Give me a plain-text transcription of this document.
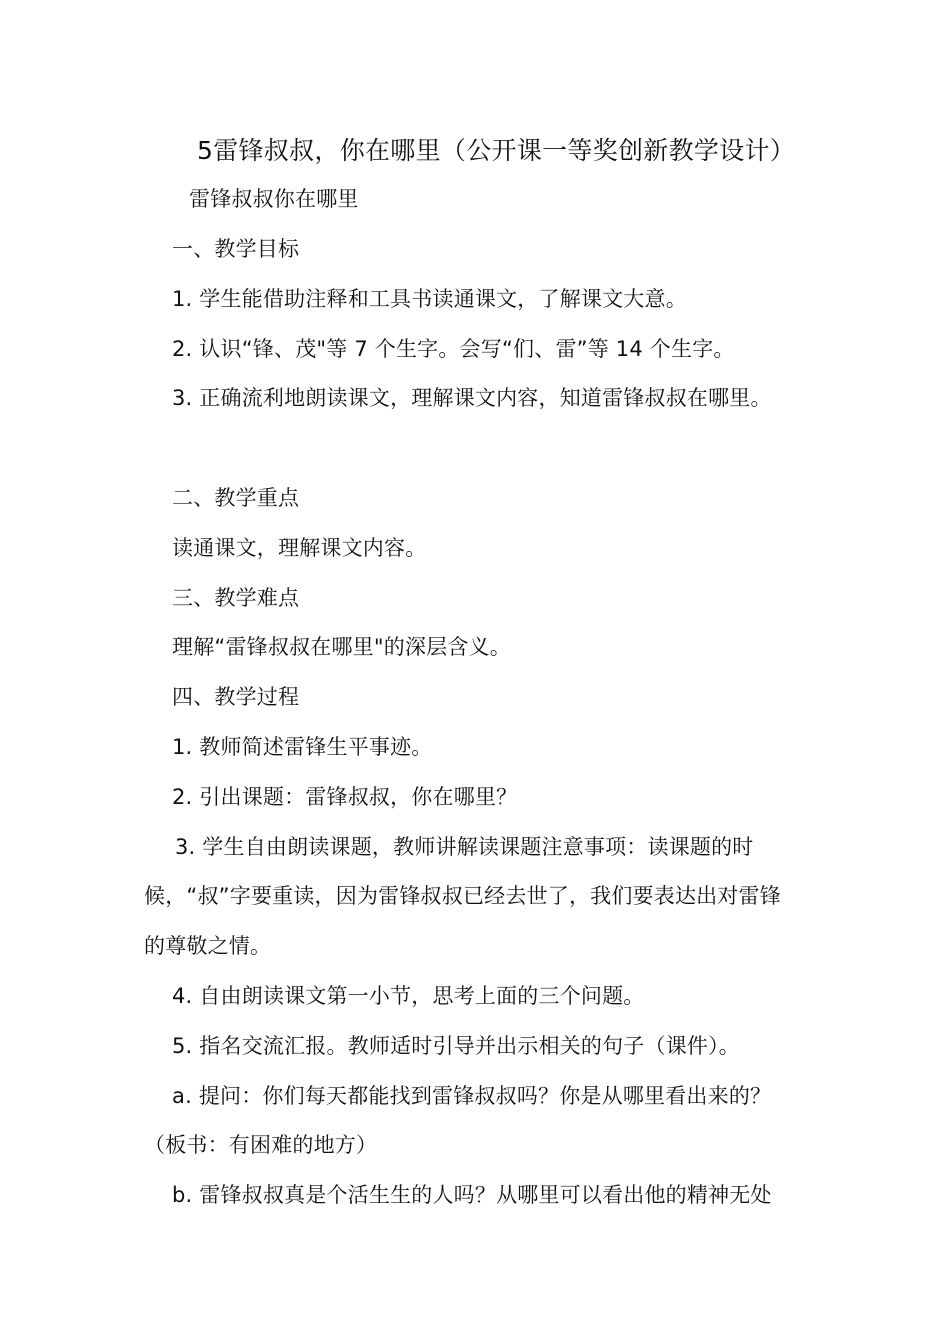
5雷锋叔叔，你在哪里（公开课一等奖创新教学设计）
雷锋叔叔你在哪里
一、教学目标
1. 学生能借助注释和工具书读通课文，了解课文大意。
2. 认识“锋、茂"等 7 个生字。会写“们、雷”等 14 个生字。
3. 正确流利地朗读课文，理解课文内容，知道雷锋叔叔在哪里。
二、教学重点
读通课文，理解课文内容。
三、教学难点
理解“雷锋叔叔在哪里"的深层含义。
四、教学过程
1. 教师简述雷锋生平事迹。
2. 引出课题：雷锋叔叔，你在哪里？
3. 学生自由朗读课题，教师讲解读课题注意事项：读课题的时
候，“叔”字要重读，因为雷锋叔叔已经去世了，我们要表达出对雷锋
的尊敬之情。
4. 自由朗读课文第一小节，思考上面的三个问题。
5. 指名交流汇报。教师适时引导并出示相关的句子（课件）。
a. 提问：你们每天都能找到雷锋叔叔吗？你是从哪里看出来的？
（板书：有困难的地方）
b. 雷锋叔叔真是个活生生的人吗？从哪里可以看出他的精神无处
